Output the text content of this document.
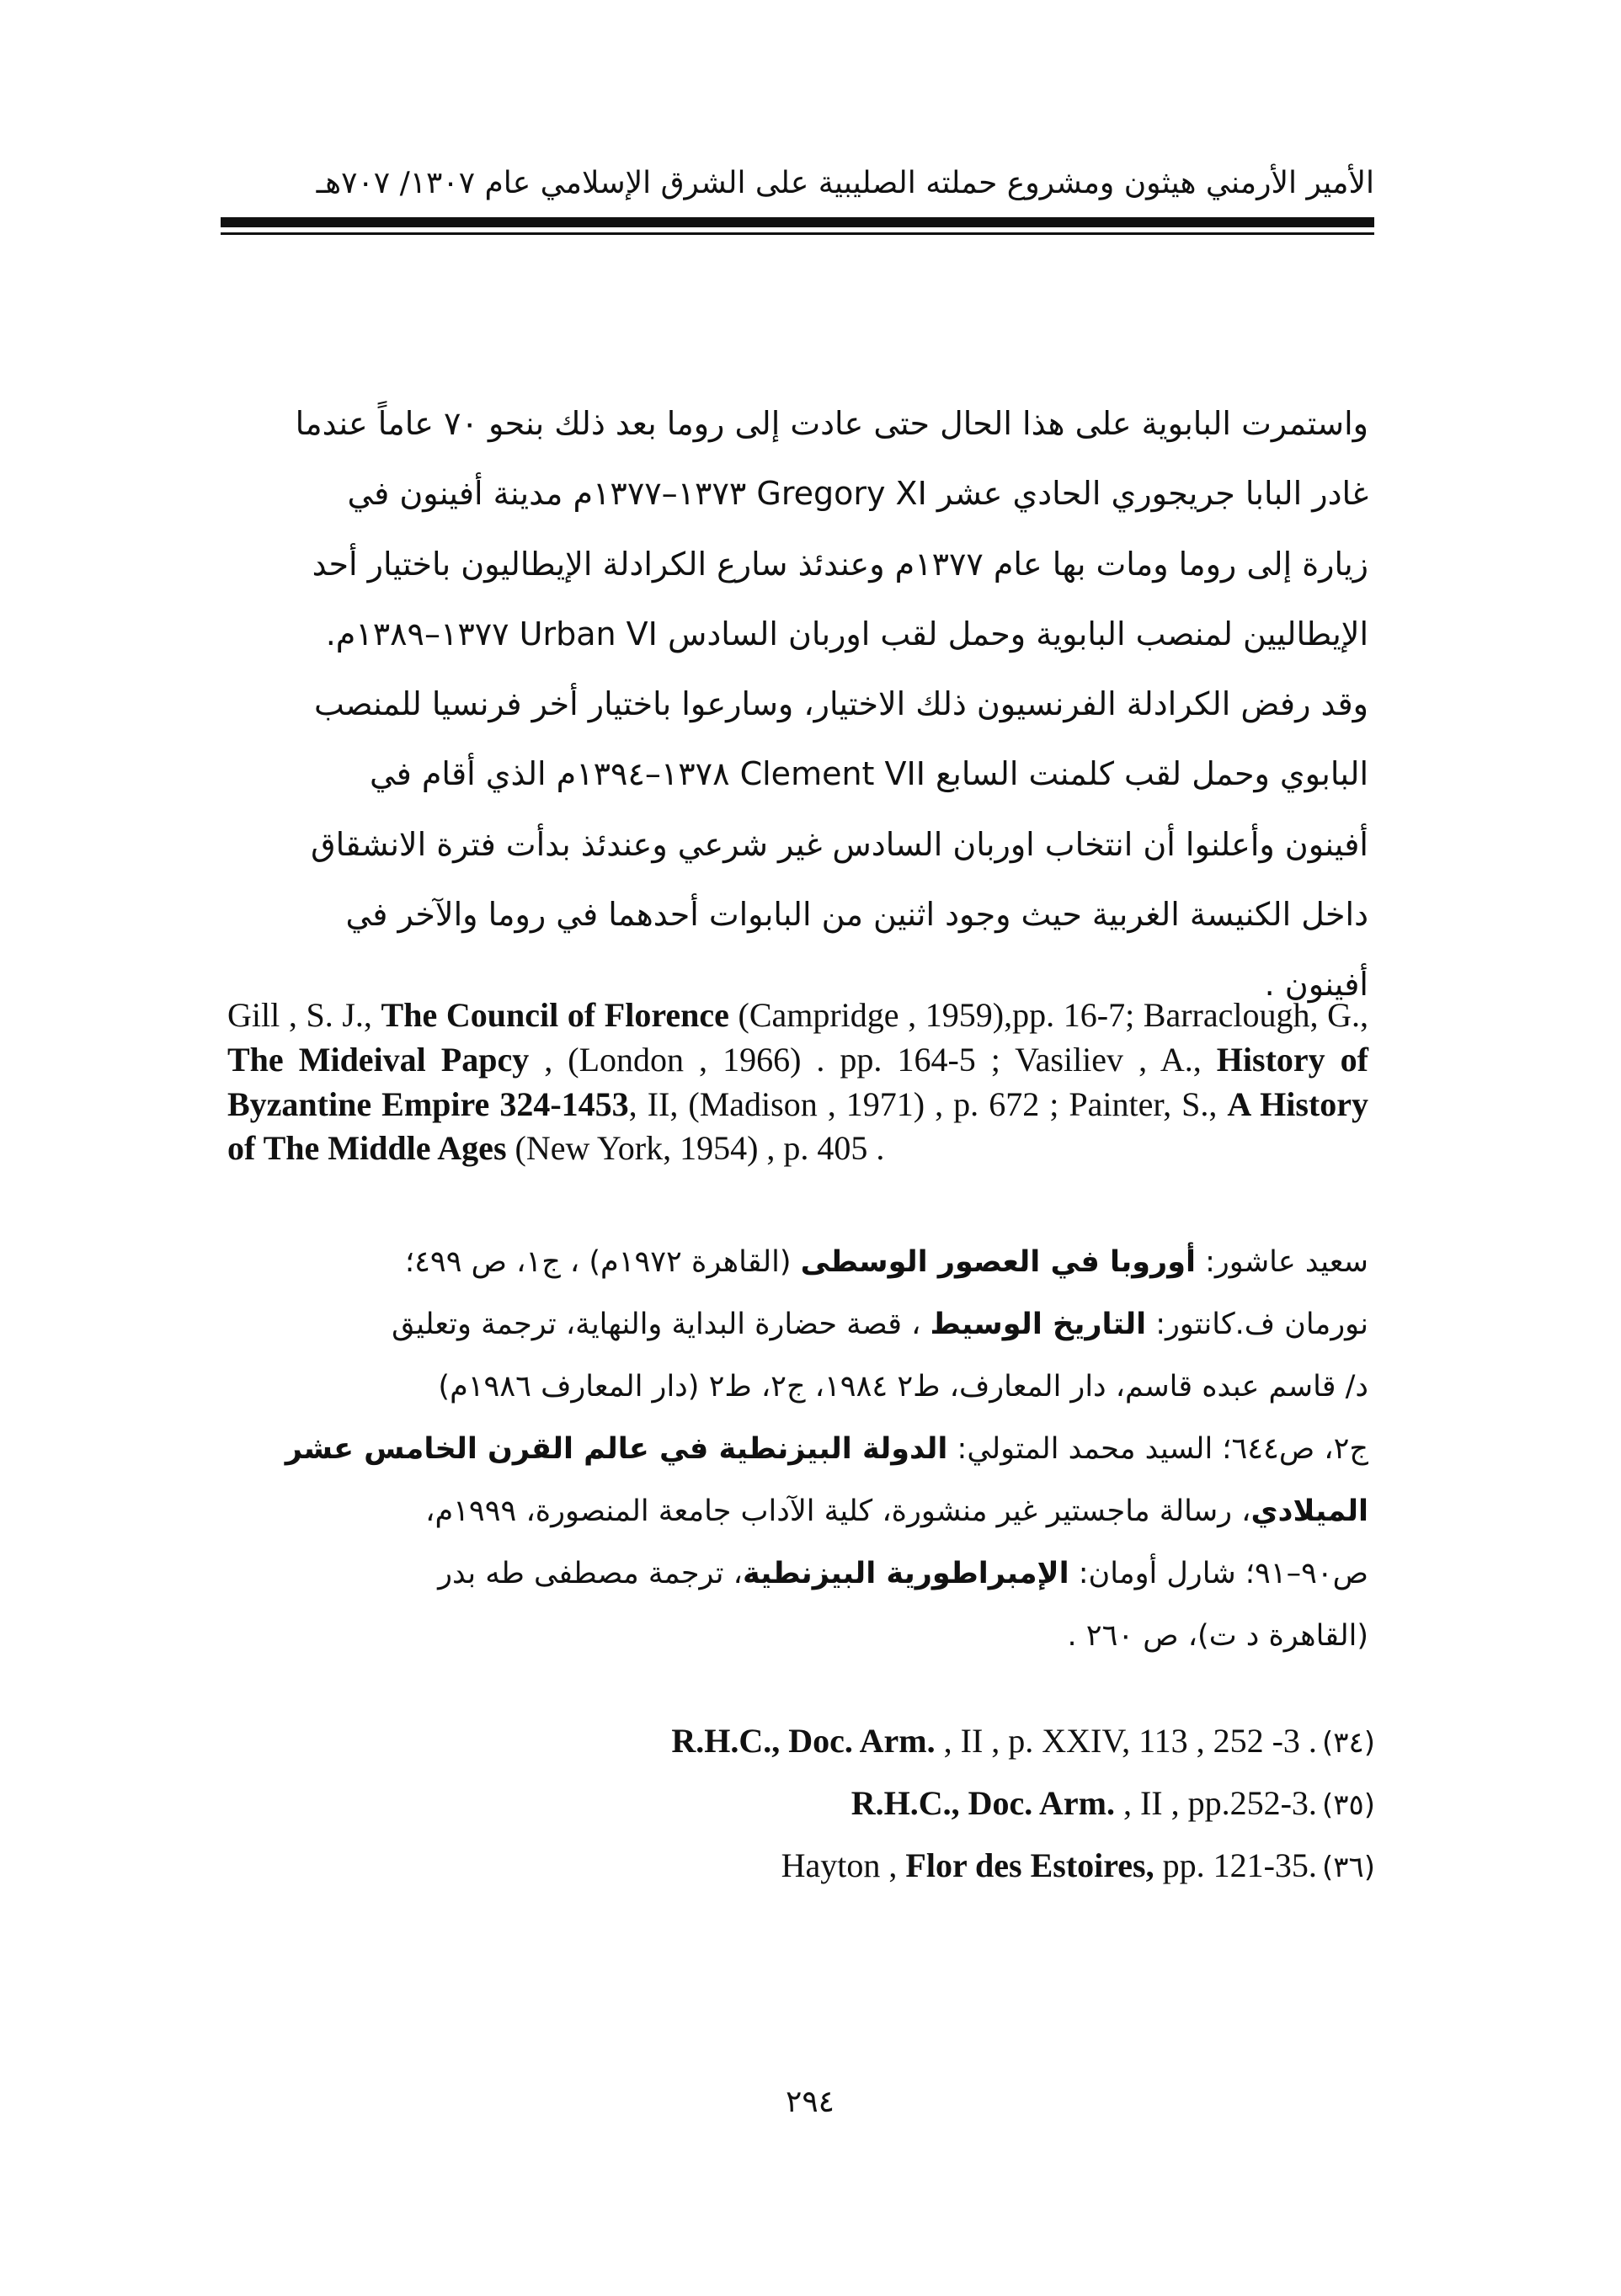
الأمير الأرمني هيثون ومشروع حملته الصليبية على الشرق الإسلامي عام ١٣٠٧/ ٧٠٧هـ
واستمرت البابوية على هذا الحال حتى عادت إلى روما بعد ذلك بنحو ٧٠ عاماً عندما
غادر البابا جريجوري الحادي عشر Gregory XI ١٣٧٣–١٣٧٧م مدينة أفينون في
زيارة إلى روما ومات بها عام ١٣٧٧م وعندئذ سارع الكرادلة الإيطاليون باختيار أحد
الإيطاليين لمنصب البابوية وحمل لقب اوربان السادس Urban VI ١٣٧٧–١٣٨٩م.
وقد رفض الكرادلة الفرنسيون ذلك الاختيار، وسارعوا باختيار أخر فرنسيا للمنصب
البابوي وحمل لقب كلمنت السابع Clement VII ١٣٧٨–١٣٩٤م الذي أقام في
أفينون وأعلنوا أن انتخاب اوربان السادس غير شرعي وعندئذ بدأت فترة الانشقاق
داخل الكنيسة الغربية حيث وجود اثنين من البابوات أحدهما في روما والآخر في
أفينون .
Gill , S. J., The Council of Florence (Campridge , 1959),pp. 16-7; Barraclough, G., The Mideival Papcy , (London , 1966) . pp. 164-5 ; Vasiliev , A., History of Byzantine Empire 324-1453, II, (Madison , 1971) , p. 672 ; Painter, S., A History of The Middle Ages (New York, 1954) , p. 405 .
سعيد عاشور: أوروبا في العصور الوسطى (القاهرة ١٩٧٢م) ، ج١، ص ٤٩٩؛
نورمان ف.كانتور: التاريخ الوسيط ، قصة حضارة البداية والنهاية، ترجمة وتعليق
د/ قاسم عبده قاسم، دار المعارف، ط٢ ١٩٨٤، ج٢، ط٢ (دار المعارف ١٩٨٦م)
ج٢، ص٦٤٤؛ السيد محمد المتولي: الدولة البيزنطية في عالم القرن الخامس عشر
الميلادي، رسالة ماجستير غير منشورة، كلية الآداب جامعة المنصورة، ١٩٩٩م،
ص٩٠–٩١؛ شارل أومان: الإمبراطورية البيزنطية، ترجمة مصطفى طه بدر
(القاهرة د ت)، ص ٢٦٠ .
R.H.C., Doc. Arm. , II , p. XXIV, 113 , 252 -3 . (٣٤)
R.H.C., Doc. Arm. , II , pp.252-3. (٣٥)
Hayton , Flor des Estoires, pp. 121-35. (٣٦)
٢٩٤
